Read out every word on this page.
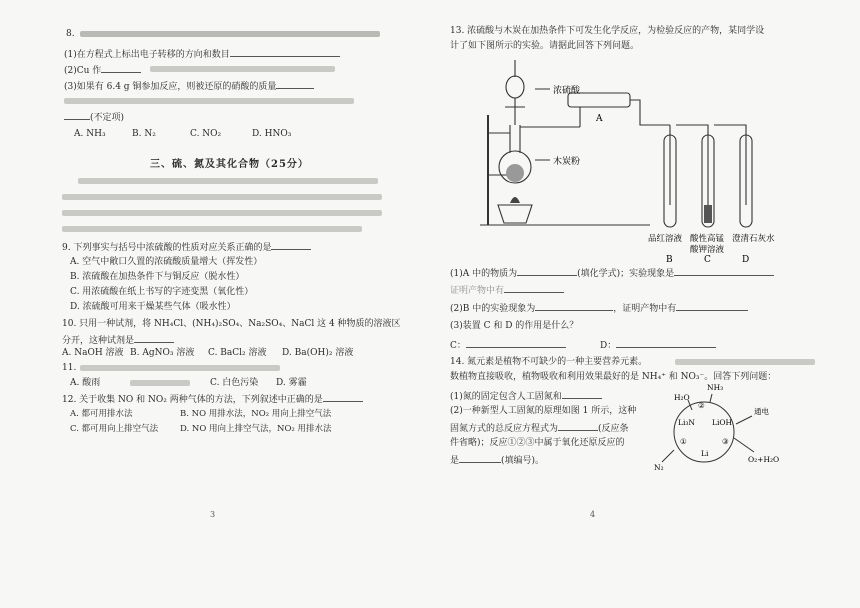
8.
(1)在方程式上标出电子转移的方向和数目
(2)Cu 作
(3)如果有 6.4 g 铜参加反应，则被还原的硝酸的质量
(不定项)
A. NH₃	B. N₂	C. NO₂	D. HNO₃
三、硫、氮及其化合物（25分）
9. 下列事实与括号中浓硫酸的性质对应关系正确的是
A. 空气中敞口久置的浓硫酸质量增大（挥发性）
B. 浓硫酸在加热条件下与铜反应（脱水性）
C. 用浓硫酸在纸上书写的字迹变黑（氧化性）
D. 浓硫酸可用来干燥某些气体（吸水性）
10. 只用一种试剂，将 NH₄Cl、(NH₄)₂SO₄、Na₂SO₄、NaCl 这 4 种物质的溶液区
分开，这种试剂是
A. NaOH 溶液 B. AgNO₃ 溶液 C. BaCl₂ 溶液 D. Ba(OH)₂ 溶液
11.
A. 酸雨	C. 白色污染 D. 雾霾
12. 关于收集 NO 和 NO₂ 两种气体的方法，下列叙述中正确的是
A. 都可用排水法	B. NO 用排水法，NO₂ 用向上排空气法
C. 都可用向上排空气法	D. NO 用向上排空气法，NO₂ 用排水法
3
13. 浓硫酸与木炭在加热条件下可发生化学反应，为检验反应的产物，某同学设
计了如下图所示的实验。请据此回答下列问题。
浓硫酸
A
木炭粉
品红溶液 酸性高锰
酸钾溶液
澄清石灰水
B	C	D
(1)A 中的物质为	(填化学式)；实验现象是
证明产物中有
(2)B 中的实验现象为	，证明产物中有
(3)装置 C 和 D 的作用是什么？
C：	D：
14. 氮元素是植物不可缺少的一种主要营养元素。
数植物直接吸收，植物吸收和利用效果最好的是 NH₄⁺ 和 NO₃⁻。回答下列问题：
(1)氮的固定包含人工固氮和
(2)一种新型人工固氮的原理如图 1 所示，这种
固氮方式的总反应方程式为	(反应条
件省略)；反应①②③中属于氧化还原反应的
是	(填编号)。
NH₃
H₂O
Li₃N LiOH
Li
N₂
O₂+H₂O
通电
②
①	③
4
